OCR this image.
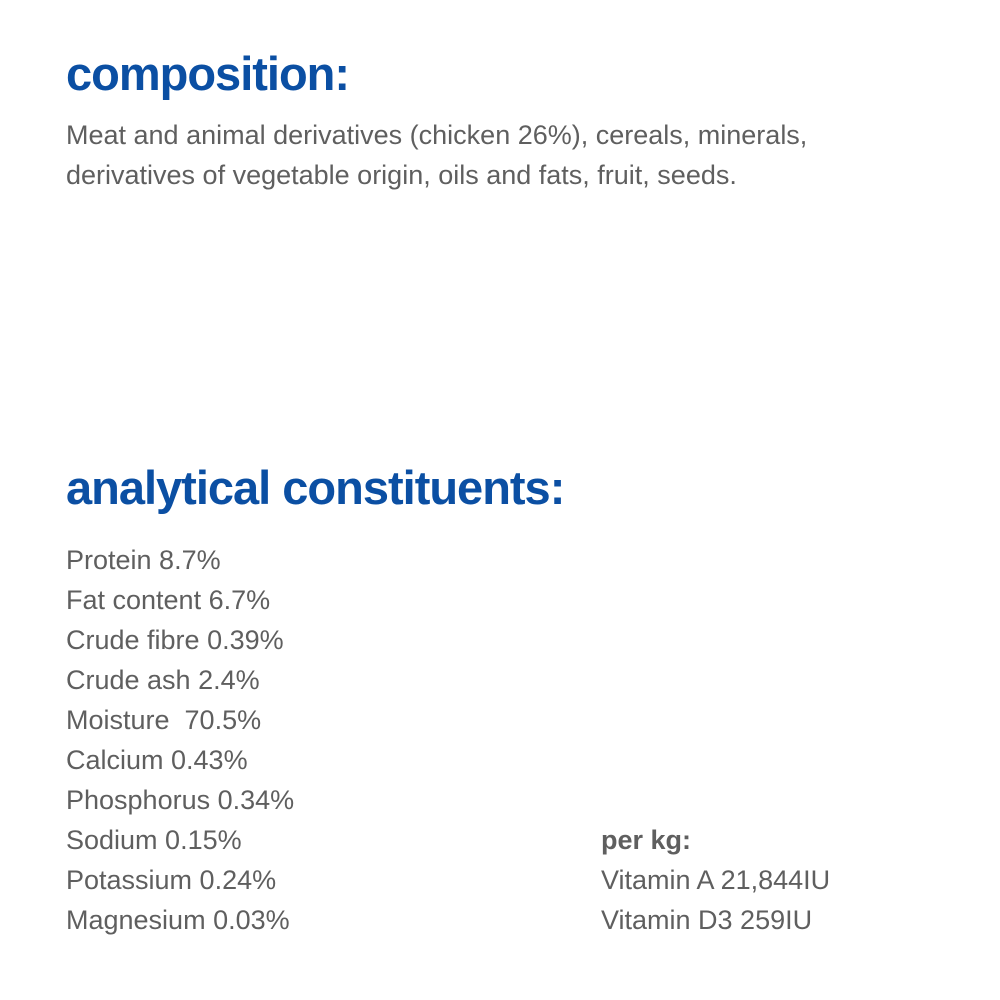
composition:

Meat and animal derivatives (chicken 26%), cereals, minerals, derivatives of vegetable origin, oils and fats, fruit, seeds.

analytical constituents:
Protein 8.7%
Fat content 6.7%
Crude fibre 0.39%
Crude ash 2.4%
Moisture  70.5%
Calcium 0.43%
Phosphorus 0.34%
Sodium 0.15%
Potassium 0.24%
Magnesium 0.03%

per kg:

Vitamin A 21,844IU
Vitamin D3 259IU
